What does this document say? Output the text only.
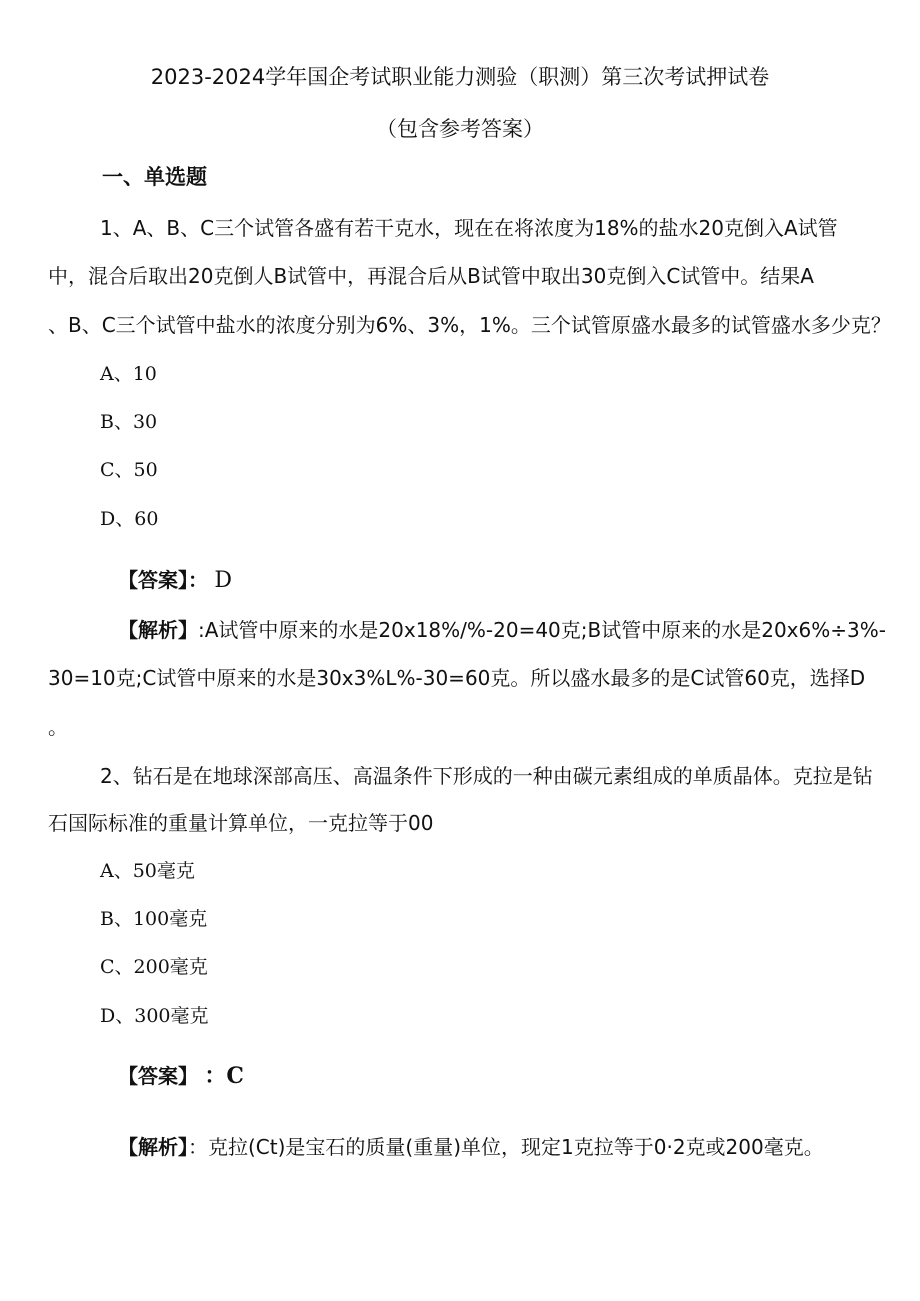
2023-2024学年国企考试职业能力测验（职测）第三次考试押试卷
（包含参考答案）
一、单选题
1、A、B、C三个试管各盛有若干克水，现在在将浓度为18%的盐水20克倒入A试管
中，混合后取出20克倒人B试管中，再混合后从B试管中取出30克倒入C试管中。结果A
、B、C三个试管中盐水的浓度分别为6%、3%，1%。三个试管原盛水最多的试管盛水多少克？
A、10
B、30
C、50
D、60
【答案】： D
【解析】:A试管中原来的水是20x18%/%-20=40克;B试管中原来的水是20x6%÷3%-
30=10克;C试管中原来的水是30x3%L%-30=60克。所以盛水最多的是C试管60克，选择D
。
2、钻石是在地球深部高压、高温条件下形成的一种由碳元素组成的单质晶体。克拉是钻
石国际标准的重量计算单位，一克拉等于00
A、50毫克
B、100毫克
C、200毫克
D、300毫克
【答案】 ：C
【解析】：克拉(Ct)是宝石的质量(重量)单位，现定1克拉等于0·2克或200毫克。
